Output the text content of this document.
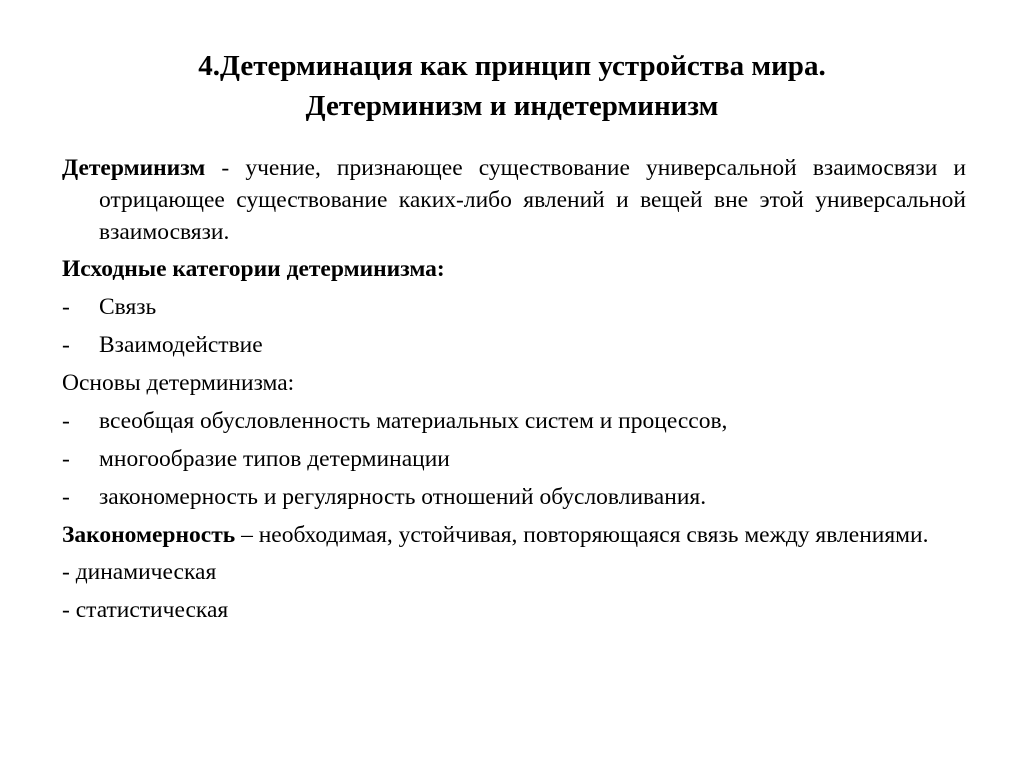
4.Детерминация как принцип устройства мира.
Детерминизм и индетерминизм

Детерминизм - учение, признающее существование универсальной взаимосвязи и отрицающее существование каких-либо явлений и вещей вне этой универсальной взаимосвязи.

Исходные категории детерминизма:
- Связь
- Взаимодействие
Основы детерминизма:
- всеобщая обусловленность материальных систем и процессов,
- многообразие типов детерминации
- закономерность и регулярность отношений обусловливания.

Закономерность – необходимая, устойчивая, повторяющаяся связь между явлениями.

- динамическая
- статистическая
